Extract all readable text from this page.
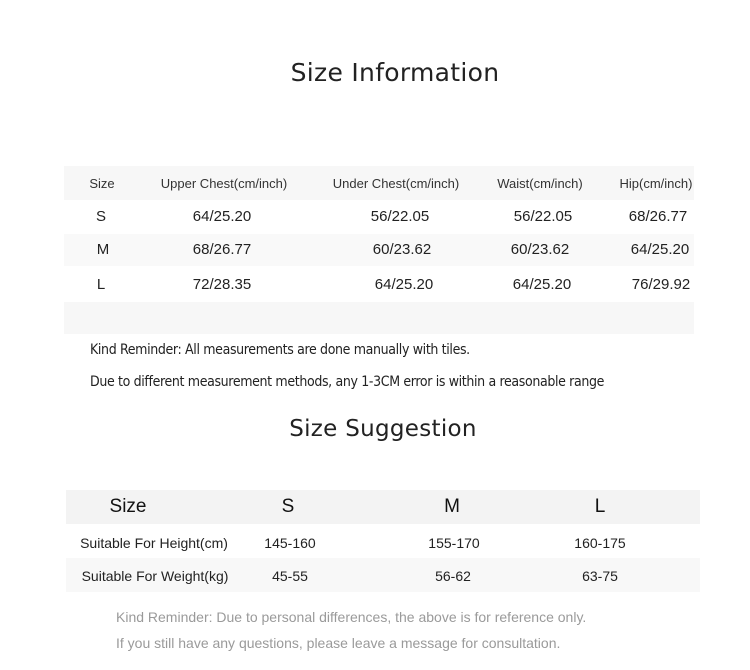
Size Information
Size	Upper Chest(cm/inch)	Under Chest(cm/inch)	Waist(cm/inch)	Hip(cm/inch)
S	64/25.20	56/22.05	56/22.05	68/26.77
M	68/26.77	60/23.62	60/23.62	64/25.20
L	72/28.35	64/25.20	64/25.20	76/29.92
Kind Reminder: All measurements are done manually with tiles.
Due to different measurement methods, any 1-3CM error is within a reasonable range
Size Suggestion
Size	S	M	L
Suitable For Height(cm)	145-160	155-170	160-175
Suitable For Weight(kg)	45-55	56-62	63-75
Kind Reminder: Due to personal differences, the above is for reference only.
If you still have any questions, please leave a message for consultation.
